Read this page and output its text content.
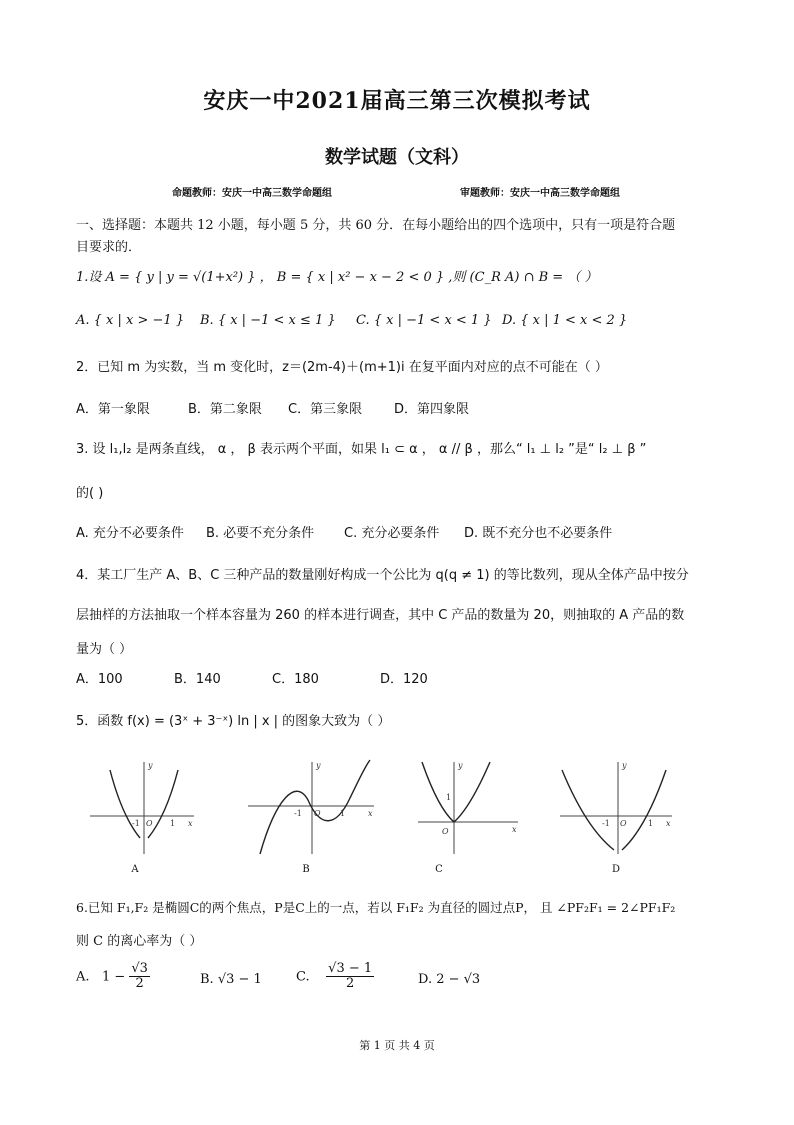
安庆一中2021届高三第三次模拟考试
数学试题（文科）
命题教师：安庆一中高三数学命题组	审题教师：安庆一中高三数学命题组
一、选择题：本题共 12 小题，每小题 5 分，共 60 分．在每小题给出的四个选项中，只有一项是符合题
目要求的．
1.设 A = { y | y = √(1+x²) } ， B = { x | x² − x − 2 < 0 } ,则 (C_R A) ∩ B = （ ）
A. { x | x > −1 } B. { x | −1 < x ≤ 1 } C. { x | −1 < x < 1 } D. { x | 1 < x < 2 }
2．已知 m 为实数，当 m 变化时，z＝(2m-4)＋(m+1)i 在复平面内对应的点不可能在（ ）
A．第一象限	B．第二象限 C．第三象限 D．第四象限
3. 设 l₁,l₂ 是两条直线， α ， β 表示两个平面，如果 l₁ ⊂ α ， α // β ，那么“ l₁ ⊥ l₂ ”是“ l₂ ⊥ β ”
的( )
A. 充分不必要条件 B. 必要不充分条件 C. 充分必要条件 D. 既不充分也不必要条件
4．某工厂生产 A、B、C 三种产品的数量刚好构成一个公比为 q(q ≠ 1) 的等比数列，现从全体产品中按分
层抽样的方法抽取一个样本容量为 260 的样本进行调查，其中 C 产品的数量为 20，则抽取的 A 产品的数
量为（ ）
A．100	B．140	C．180	D．120
5．函数 f(x) = (3ˣ + 3⁻ˣ) ln | x | 的图象大致为（ ）
-1 O 1 x
y
A
-1 O 1	x
y
B
O
1
x
y
C
-1 O	1 x
y
D
6.已知 F₁,F₂ 是椭圆C的两个焦点，P是C上的一点，若以 F₁F₂ 为直径的圆过点P， 且 ∠PF₂F₁ = 2∠PF₁F₂
则 C 的离心率为（ ）
A. $1 - \frac{√3}{2}$	B. √3 − 1	C. $\frac{√3 - 1}{2}$	D. 2 − √3
第 1 页 共 4 页
